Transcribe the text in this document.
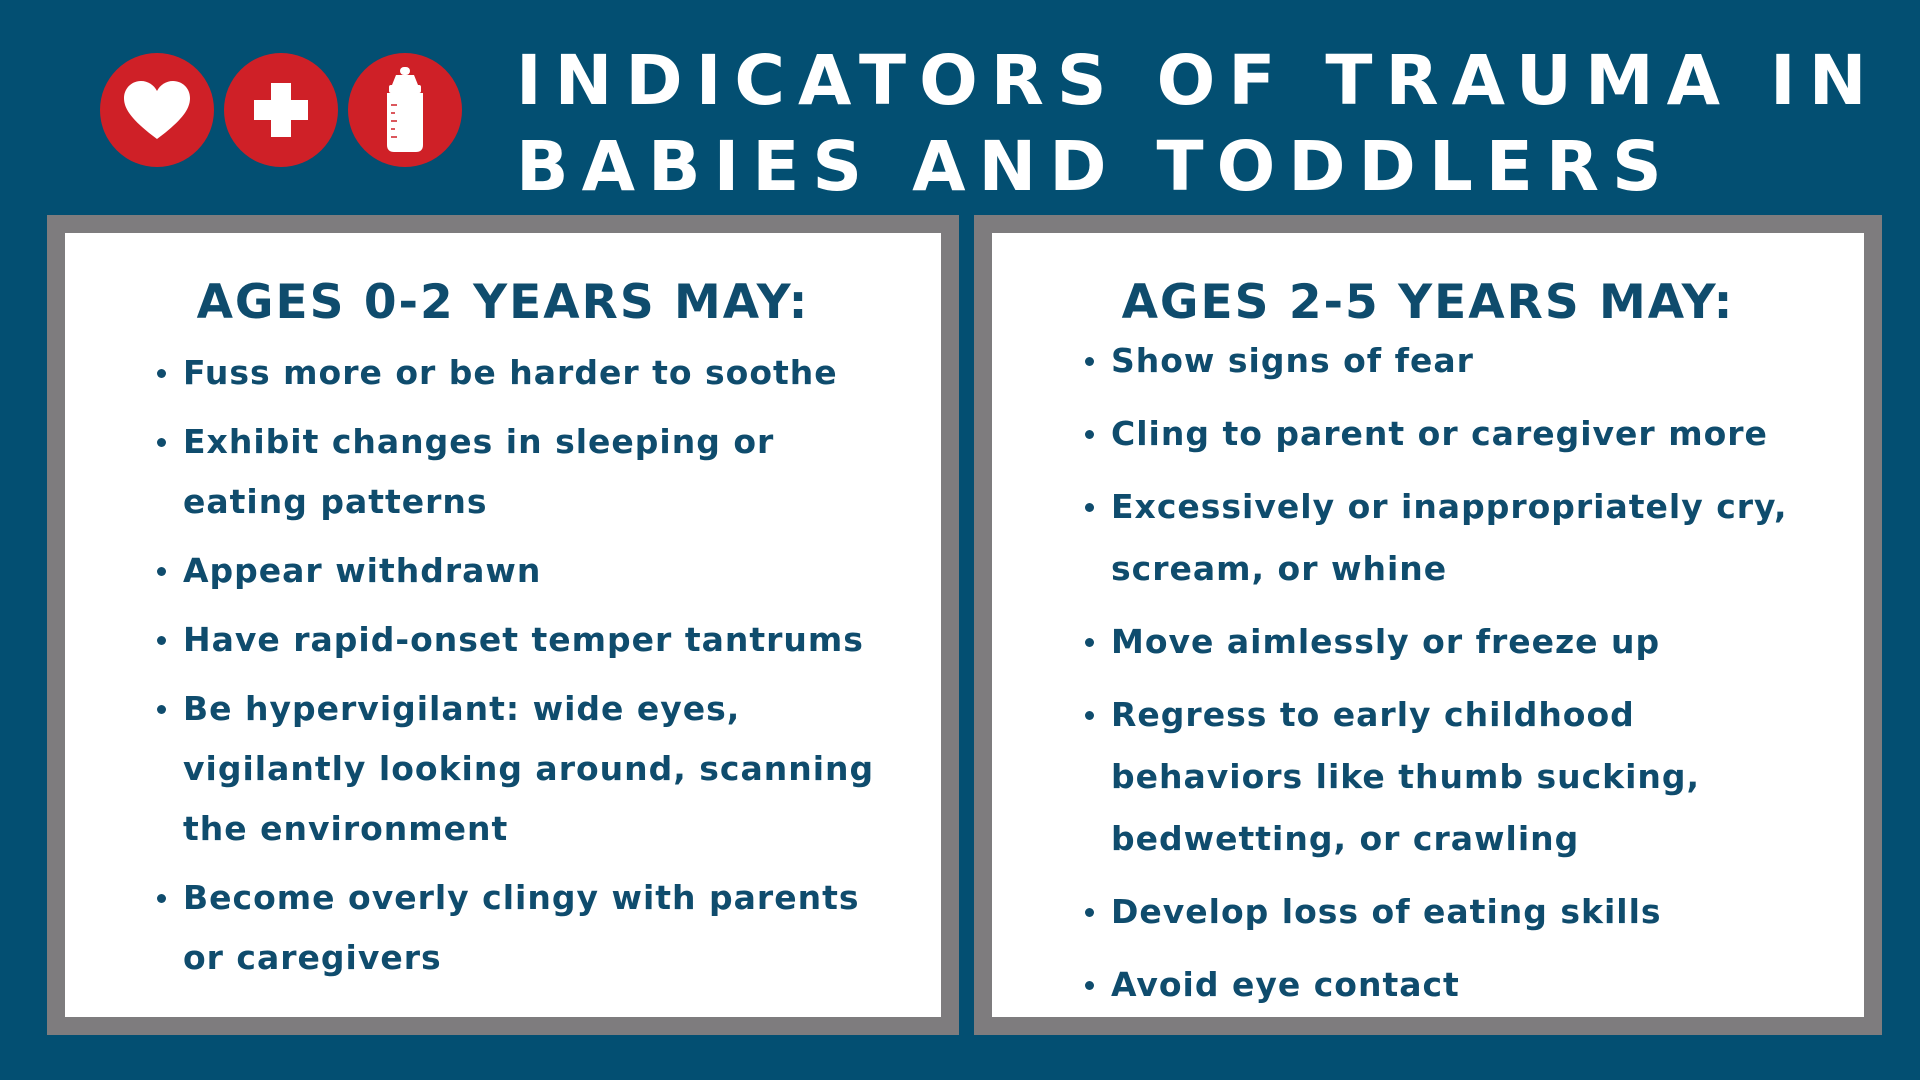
INDICATORS OF TRAUMA IN BABIES AND TODDLERS
AGES 0-2 YEARS MAY:
Fuss more or be harder to soothe
Exhibit changes in sleeping or eating patterns
Appear withdrawn
Have rapid-onset temper tantrums
Be hypervigilant: wide eyes, vigilantly looking around, scanning the environment
Become overly clingy with parents or caregivers
AGES 2-5 YEARS MAY:
Show signs of fear
Cling to parent or caregiver more
Excessively or inappropriately cry, scream, or whine
Move aimlessly or freeze up
Regress to early childhood behaviors like thumb sucking, bedwetting, or crawling
Develop loss of eating skills
Avoid eye contact
